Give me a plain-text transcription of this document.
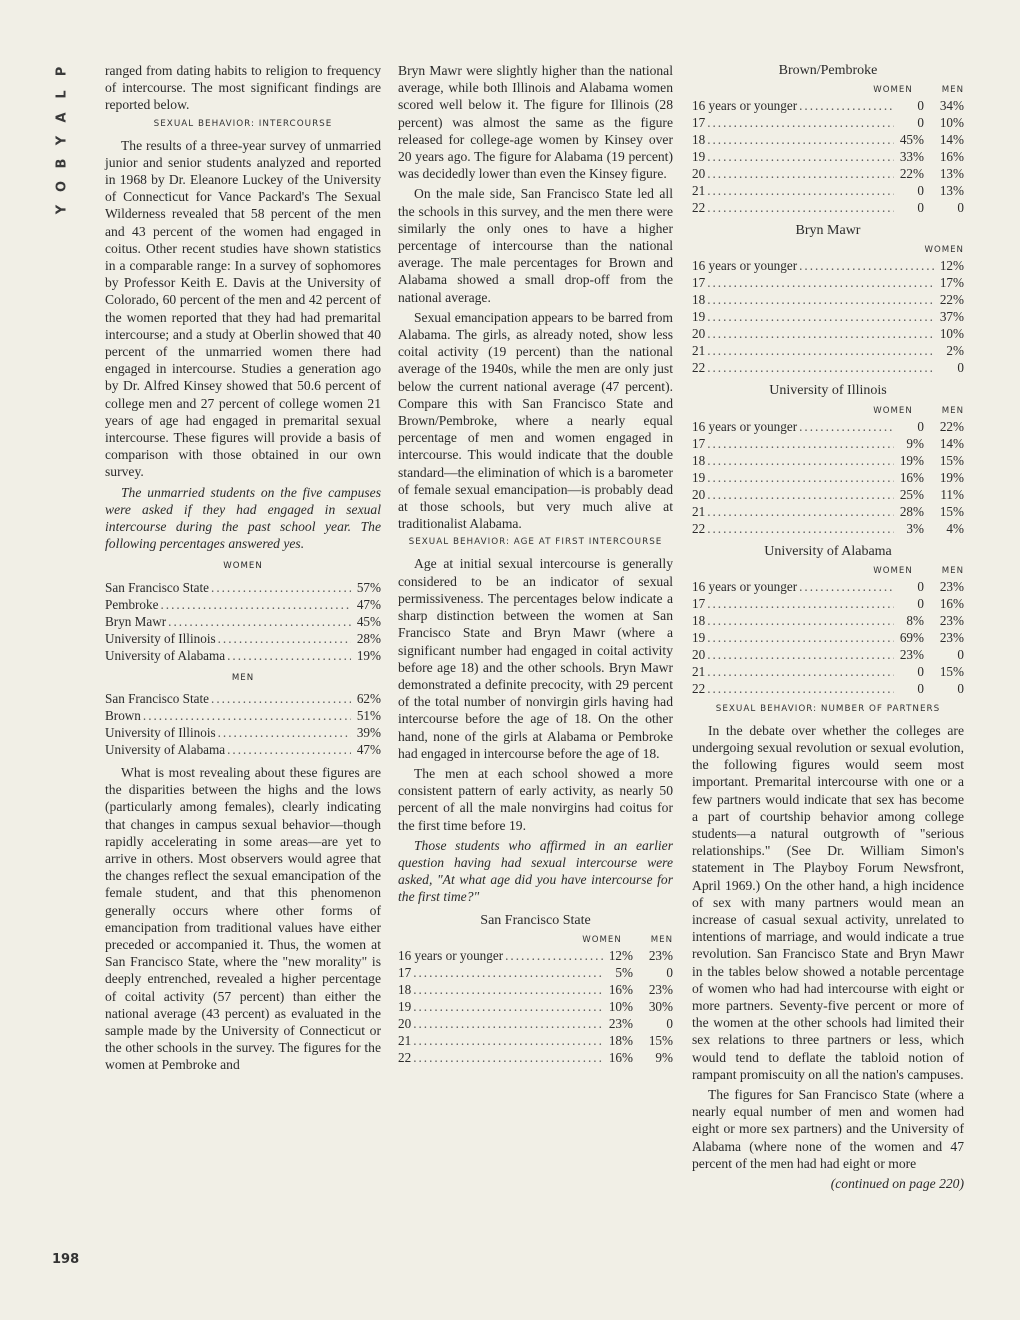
P
L
A
Y
B
O
Y
198

ranged from dating habits to religion to frequency of intercourse. The most significant findings are reported below.

SEXUAL BEHAVIOR: INTERCOURSE

The results of a three-year survey of unmarried junior and senior students analyzed and reported in 1968 by Dr. Eleanore Luckey of the University of Connecticut for Vance Packard's The Sexual Wilderness revealed that 58 percent of the men and 43 percent of the women had engaged in coitus. Other recent studies have shown statistics in a comparable range: In a survey of sophomores by Professor Keith E. Davis at the University of Colorado, 60 percent of the men and 42 percent of the women reported that they had had premarital intercourse; and a study at Oberlin showed that 40 percent of the unmarried women there had engaged in intercourse. Studies a generation ago by Dr. Alfred Kinsey showed that 50.6 percent of college men and 27 percent of college women 21 years of age had engaged in premarital sexual intercourse. These figures will provide a basis of comparison with those obtained in our own survey.

The unmarried students on the five campuses were asked if they had engaged in sexual intercourse during the past school year. The following percentages answered yes.

WOMEN
San Francisco State .....	57%
Pembroke .....	47%
Bryn Mawr .....	45%
University of Illinois .....	28%
University of Alabama .....	19%
MEN
San Francisco State .....	62%
Brown .....	51%
University of Illinois .....	39%
University of Alabama .....	47%

What is most revealing about these figures are the disparities between the highs and the lows (particularly among females), clearly indicating that changes in campus sexual behavior—though rapidly accelerating in some areas—are yet to arrive in others. Most observers would agree that the changes reflect the sexual emancipation of the female student, and that this phenomenon generally occurs where other forms of emancipation from traditional values have either preceded or accompanied it. Thus, the women at San Francisco State, where the "new morality" is deeply entrenched, revealed a higher percentage of coital activity (57 percent) than either the national average (43 percent) as evaluated in the sample made by the University of Connecticut or the other schools in the survey. The figures for the women at Pembroke and

Bryn Mawr were slightly higher than the national average, while both Illinois and Alabama women scored well below it. The figure for Illinois (28 percent) was almost the same as the figure released for college-age women by Kinsey over 20 years ago. The figure for Alabama (19 percent) was decidedly lower than even the Kinsey figure.

On the male side, San Francisco State led all the schools in this survey, and the men there were similarly the only ones to have a higher percentage of intercourse than the national average. The male percentages for Brown and Alabama showed a small drop-off from the national average.

Sexual emancipation appears to be barred from Alabama. The girls, as already noted, show less coital activity (19 percent) than the national average of the 1940s, while the men are only just below the current national average (47 percent). Compare this with San Francisco State and Brown/Pembroke, where a nearly equal percentage of men and women engaged in intercourse. This would indicate that the double standard—the elimination of which is a barometer of female sexual emancipation—is probably dead at those schools, but very much alive at traditionalist Alabama.

SEXUAL BEHAVIOR: AGE AT FIRST INTERCOURSE

Age at initial sexual intercourse is generally considered to be an indicator of sexual permissiveness. The percentages below indicate a sharp distinction between the women at San Francisco State and Bryn Mawr (where a significant number had engaged in coital activity before age 18) and the other schools. Bryn Mawr demonstrated a definite precocity, with 29 percent of the total number of nonvirgin girls having had intercourse before the age of 18. On the other hand, none of the girls at Alabama or Pembroke had engaged in intercourse before the age of 18.

The men at each school showed a more consistent pattern of early activity, as nearly 50 percent of all the male nonvirgins had coitus for the first time before 19.

Those students who affirmed in an earlier question having had sexual intercourse were asked, "At what age did you have intercourse for the first time?"

San Francisco State
WOMEN	MEN
16 years or younger .....	12%	23%
17 .....	5%	0
18 .....	16%	23%
19 .....	10%	30%
20 .....	23%	0
21 .....	18%	15%
22 .....	16%	9%
Brown/Pembroke
WOMEN	MEN
16 years or younger .....	0	34%
17 .....	0	10%
18 .....	45%	14%
19 .....	33%	16%
20 .....	22%	13%
21 .....	0	13%
22 .....	0	0
Bryn Mawr
WOMEN
16 years or younger .....	12%
17 .....	17%
18 .....	22%
19 .....	37%
20 .....	10%
21 .....	2%
22 .....	0
University of Illinois
WOMEN	MEN
16 years or younger .....	0	22%
17 .....	9%	14%
18 .....	19%	15%
19 .....	16%	19%
20 .....	25%	11%
21 .....	28%	15%
22 .....	3%	4%
University of Alabama
WOMEN	MEN
16 years or younger .....	0	23%
17 .....	0	16%
18 .....	8%	23%
19 .....	69%	23%
20 .....	23%	0
21 .....	0	15%
22 .....	0	0
SEXUAL BEHAVIOR: NUMBER OF PARTNERS

In the debate over whether the colleges are undergoing sexual revolution or sexual evolution, the following figures would seem most important. Premarital intercourse with one or a few partners would indicate that sex has become a part of courtship behavior among college students—a natural outgrowth of "serious relationships." (See Dr. William Simon's statement in The Playboy Forum Newsfront, April 1969.) On the other hand, a high incidence of sex with many partners would mean an increase of casual sexual activity, unrelated to intentions of marriage, and would indicate a true revolution. San Francisco State and Bryn Mawr in the tables below showed a notable percentage of women who had had intercourse with eight or more partners. Seventy-five percent or more of the women at the other schools had limited their sex relations to three partners or less, which would tend to deflate the tabloid notion of rampant promiscuity on all the nation's campuses.

The figures for San Francisco State (where a nearly equal number of men and women had eight or more sex partners) and the University of Alabama (where none of the women and 47 percent of the men had had eight or more

(continued on page 220)
